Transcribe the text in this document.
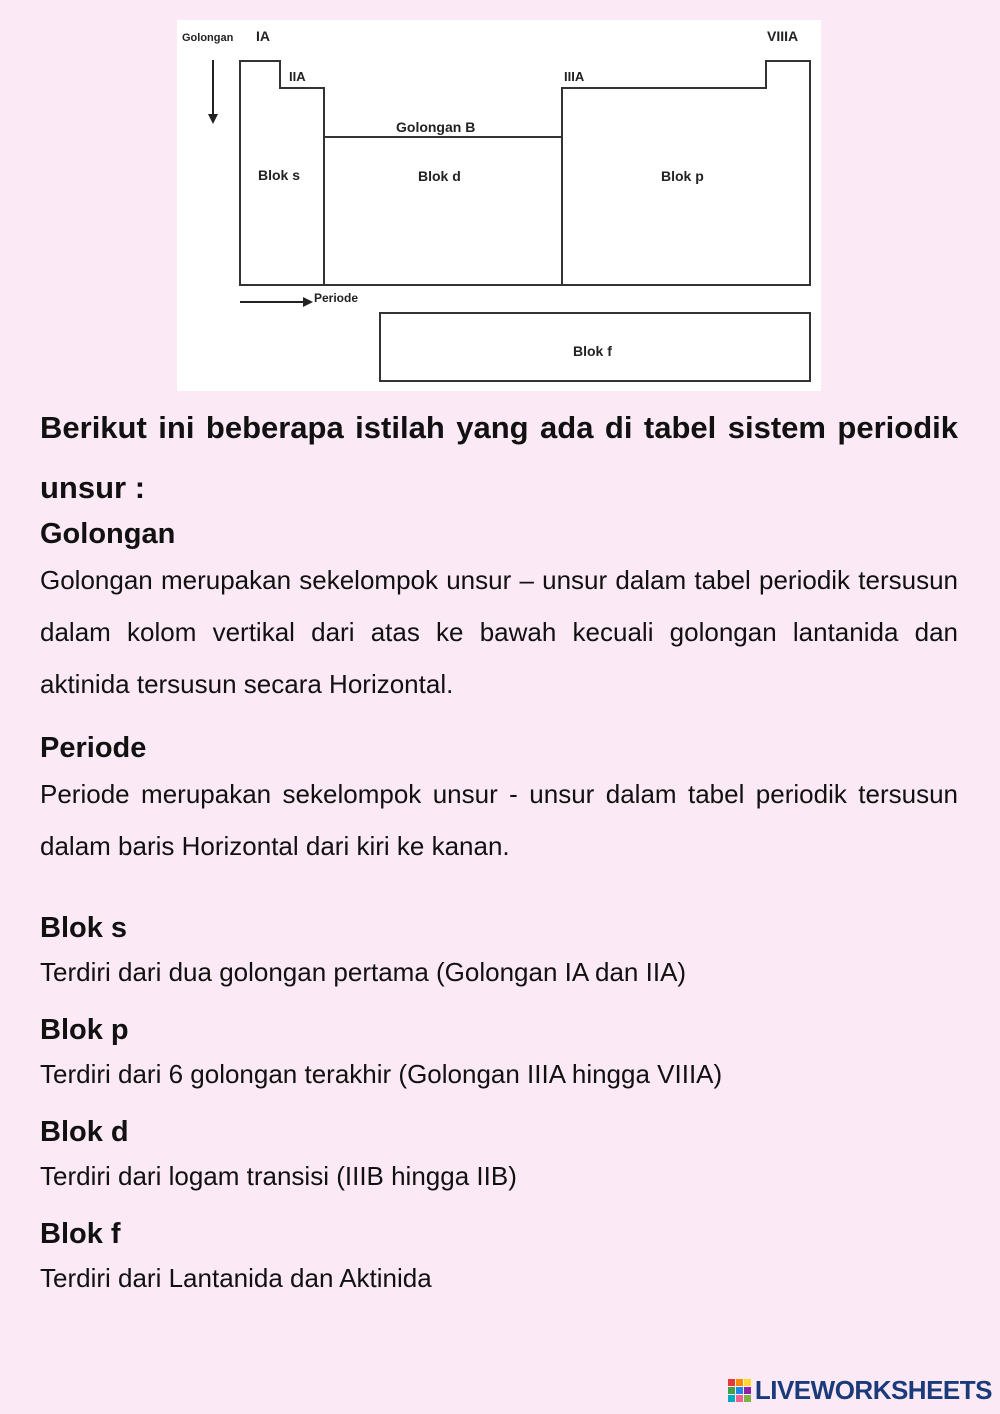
Golongan IA	VIIIA
IIA	IIIA
Golongan B
Blok s	Blok d	Blok p
Periode
Blok f

Berikut ini beberapa istilah yang ada di tabel sistem periodik unsur :

Golongan

Golongan merupakan sekelompok unsur – unsur dalam tabel periodik tersusun dalam kolom vertikal dari atas ke bawah kecuali golongan lantanida dan aktinida tersusun secara Horizontal.

Periode

Periode merupakan sekelompok unsur - unsur dalam tabel periodik tersusun dalam baris Horizontal dari kiri ke kanan.

Blok s

Terdiri dari dua golongan pertama (Golongan IA dan IIA)

Blok p

Terdiri dari 6 golongan terakhir (Golongan IIIA hingga VIIIA)

Blok d

Terdiri dari logam transisi (IIIB hingga IIB)

Blok f

Terdiri dari Lantanida dan Aktinida

LIVEWORKSHEETS
